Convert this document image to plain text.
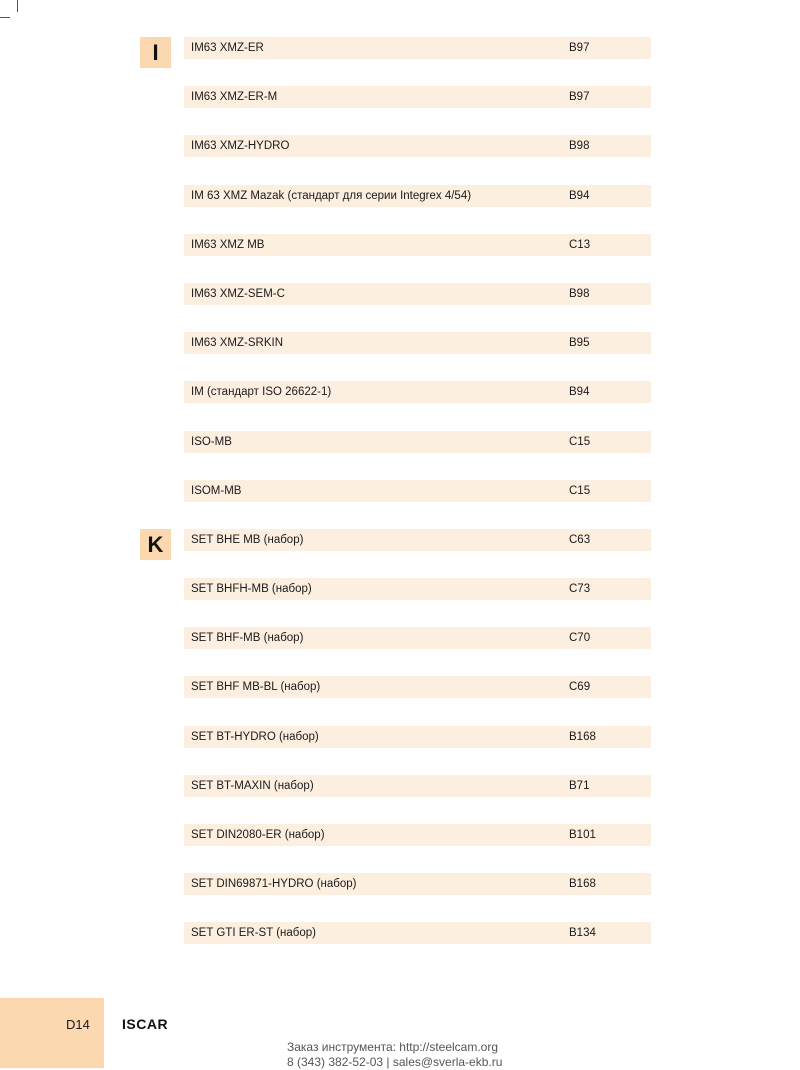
I
K
IM63 XMZ-ER	B97
IM63 XMZ-ER-M	B97
IM63 XMZ-HYDRO	B98
IM 63 XMZ Mazak (стандарт для серии Integrex 4/54)	B94
IM63 XMZ MB	C13
IM63 XMZ-SEM-C	B98
IM63 XMZ-SRKIN	B95
IM (стандарт ISO 26622-1)	B94
ISO-MB	C15
ISOM-MB	C15
SET BHE MB (набор)	C63
SET BHFH-MB (набор)	C73
SET BHF-MB (набор)	C70
SET BHF MB-BL (набор)	C69
SET BT-HYDRO (набор)	B168
SET BT-MAXIN (набор)	B71
SET DIN2080-ER (набор)	B101
SET DIN69871-HYDRO (набор)	B168
SET GTI ER-ST (набор)	B134
D14 ISCAR
Заказ инструмента: http://steelcam.org
8 (343) 382-52-03 | sales@sverla-ekb.ru
